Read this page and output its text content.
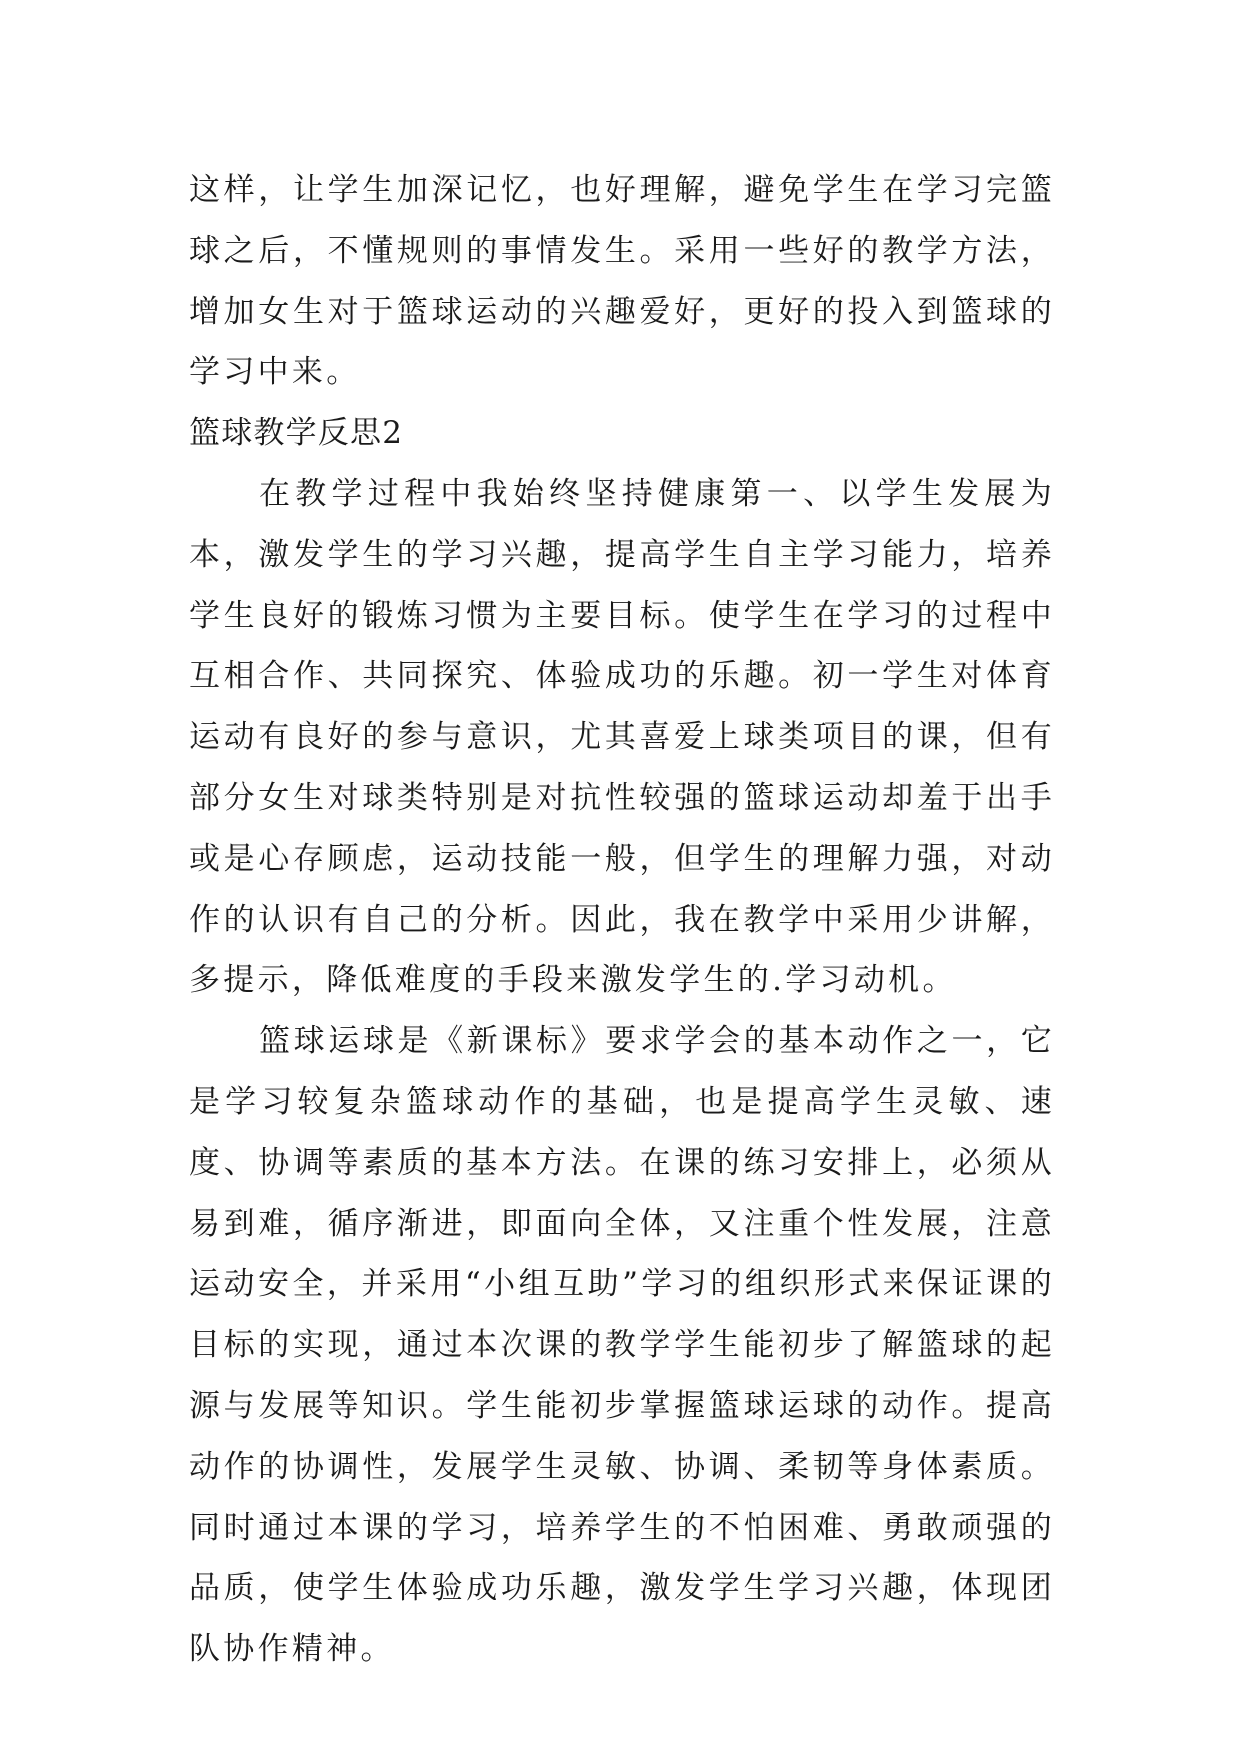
这样，让学生加深记忆，也好理解，避免学生在学习完篮球之后，不懂规则的事情发生。采用一些好的教学方法，增加女生对于篮球运动的兴趣爱好，更好的投入到篮球的学习中来。

篮球教学反思2

在教学过程中我始终坚持健康第一、以学生发展为本，激发学生的学习兴趣，提高学生自主学习能力，培养学生良好的锻炼习惯为主要目标。使学生在学习的过程中互相合作、共同探究、体验成功的乐趣。初一学生对体育运动有良好的参与意识，尤其喜爱上球类项目的课，但有部分女生对球类特别是对抗性较强的篮球运动却羞于出手或是心存顾虑，运动技能一般，但学生的理解力强，对动作的认识有自己的分析。因此，我在教学中采用少讲解，多提示，降低难度的手段来激发学生的.学习动机。

篮球运球是《新课标》要求学会的基本动作之一，它是学习较复杂篮球动作的基础，也是提高学生灵敏、速度、协调等素质的基本方法。在课的练习安排上，必须从易到难，循序渐进，即面向全体，又注重个性发展，注意运动安全，并采用“小组互助”学习的组织形式来保证课的目标的实现，通过本次课的教学学生能初步了解篮球的起源与发展等知识。学生能初步掌握篮球运球的动作。提高动作的协调性，发展学生灵敏、协调、柔韧等身体素质。同时通过本课的学习，培养学生的不怕困难、勇敢顽强的品质，使学生体验成功乐趣，激发学生学习兴趣，体现团队协作精神。
